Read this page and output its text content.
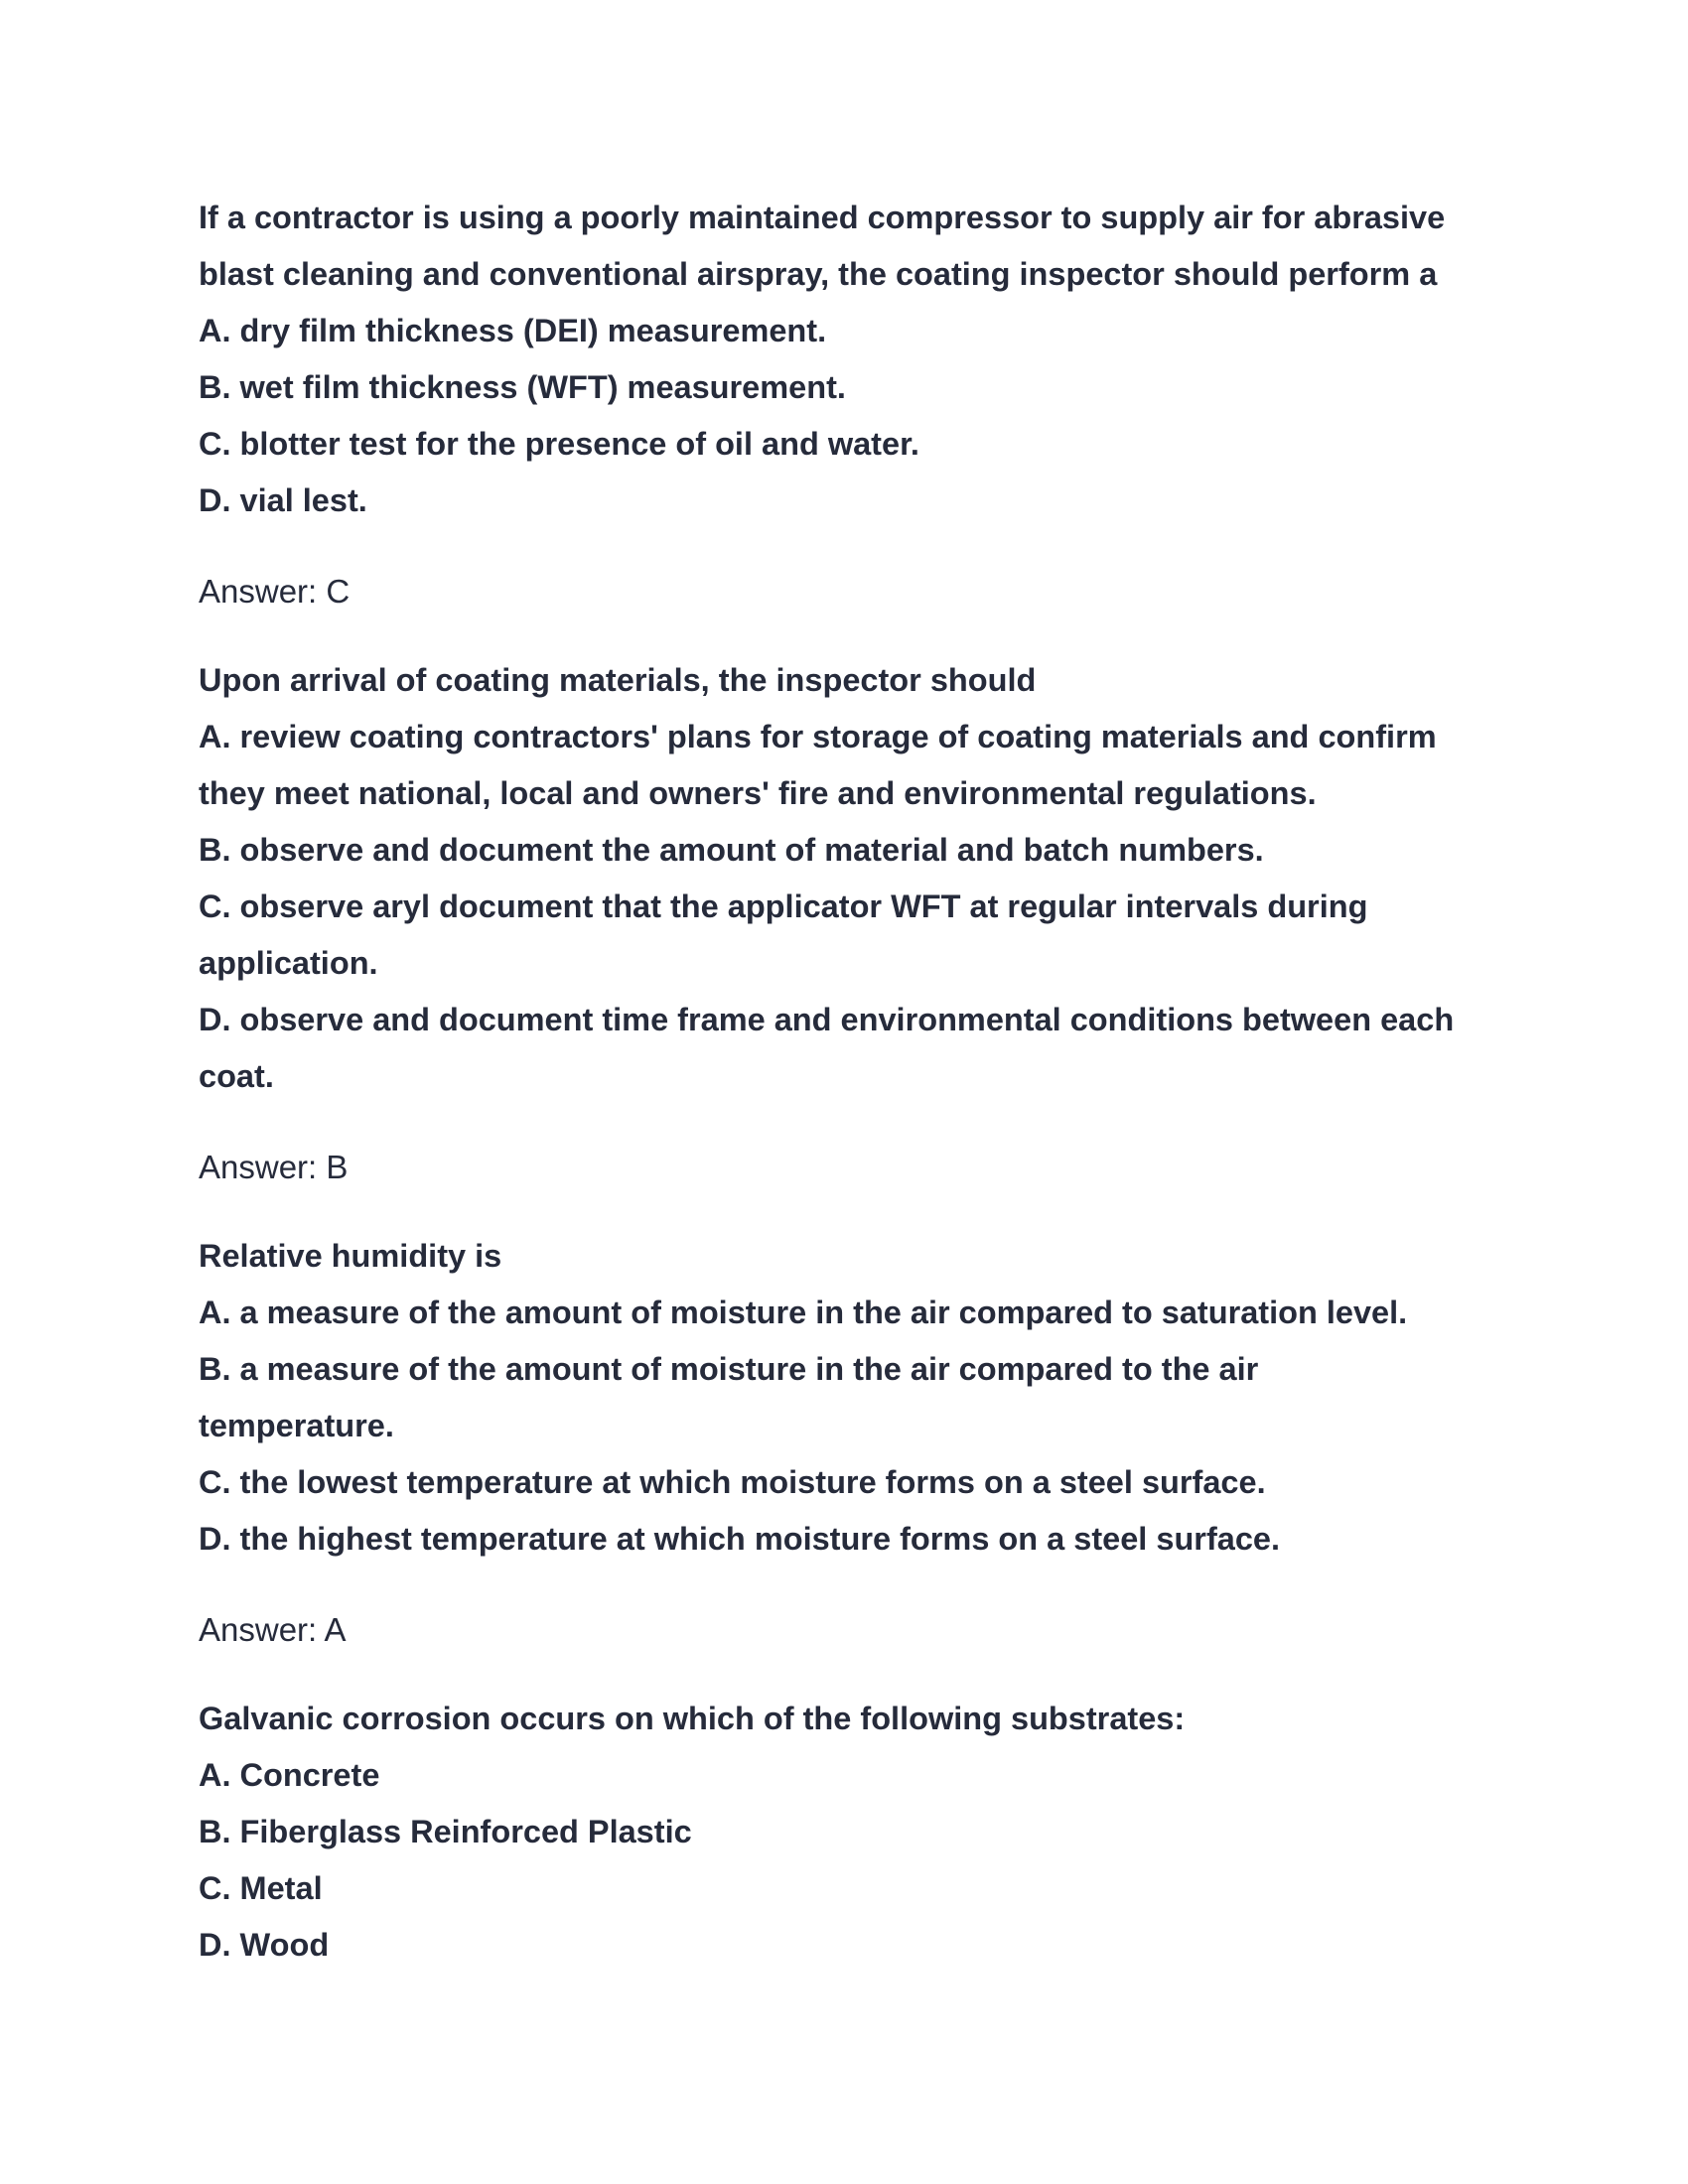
If a contractor is using a poorly maintained compressor to supply air for abrasive
blast cleaning and conventional airspray, the coating inspector should perform a
A. dry film thickness (DEI) measurement.
B. wet film thickness (WFT) measurement.
C. blotter test for the presence of oil and water.
D. vial lest.
Answer: C
Upon arrival of coating materials, the inspector should
A. review coating contractors' plans for storage of coating materials and confirm
they meet national, local and owners' fire and environmental regulations.
B. observe and document the amount of material and batch numbers.
C. observe aryl document that the applicator WFT at regular intervals during
application.
D. observe and document time frame and environmental conditions between each
coat.
Answer: B
Relative humidity is
A. a measure of the amount of moisture in the air compared to saturation level.
B. a measure of the amount of moisture in the air compared to the air
temperature.
C. the lowest temperature at which moisture forms on a steel surface.
D. the highest temperature at which moisture forms on a steel surface.
Answer: A
Galvanic corrosion occurs on which of the following substrates:
A. Concrete
B. Fiberglass Reinforced Plastic
C. Metal
D. Wood
